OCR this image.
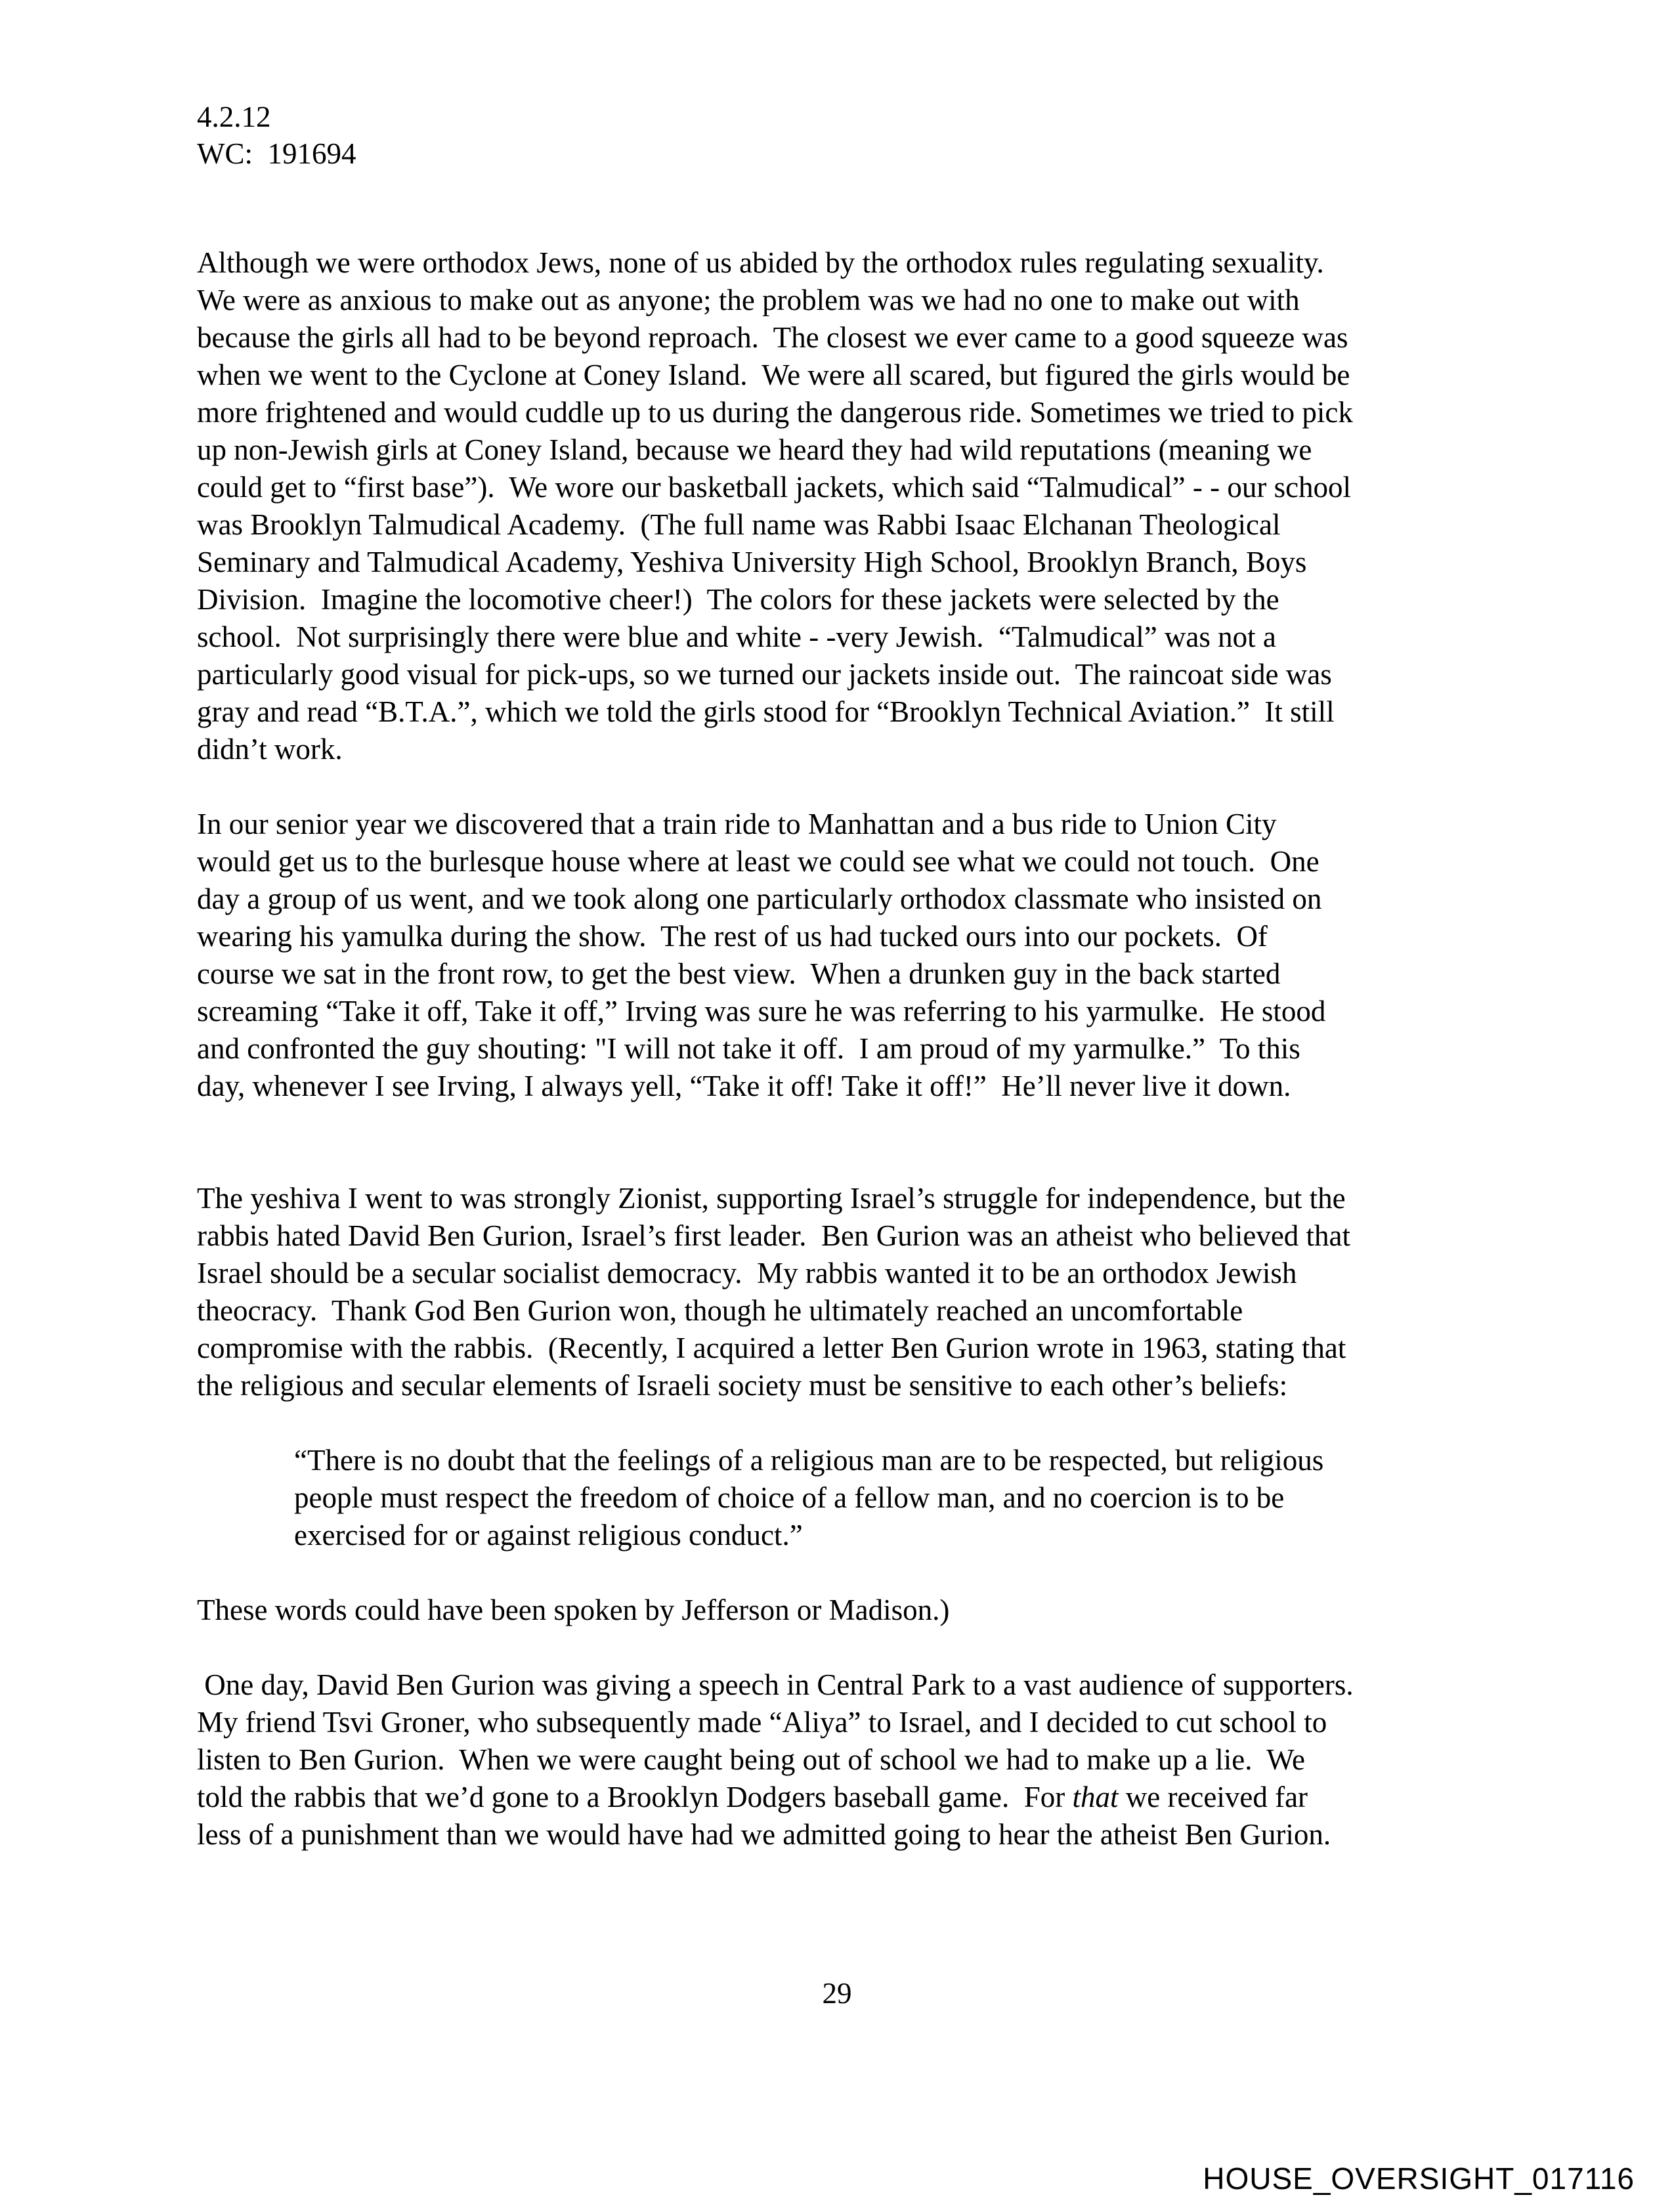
4.2.12
WC: 191694

Although we were orthodox Jews, none of us abided by the orthodox rules regulating sexuality.
We were as anxious to make out as anyone; the problem was we had no one to make out with
because the girls all had to be beyond reproach.  The closest we ever came to a good squeeze was
when we went to the Cyclone at Coney Island.  We were all scared, but figured the girls would be
more frightened and would cuddle up to us during the dangerous ride. Sometimes we tried to pick
up non-Jewish girls at Coney Island, because we heard they had wild reputations (meaning we
could get to “first base”).  We wore our basketball jackets, which said “Talmudical” - - our school
was Brooklyn Talmudical Academy.  (The full name was Rabbi Isaac Elchanan Theological
Seminary and Talmudical Academy, Yeshiva University High School, Brooklyn Branch, Boys
Division.  Imagine the locomotive cheer!)  The colors for these jackets were selected by the
school.  Not surprisingly there were blue and white - -very Jewish.  “Talmudical” was not a
particularly good visual for pick-ups, so we turned our jackets inside out.  The raincoat side was
gray and read “B.T.A.”, which we told the girls stood for “Brooklyn Technical Aviation.”  It still
didn’t work.

In our senior year we discovered that a train ride to Manhattan and a bus ride to Union City
would get us to the burlesque house where at least we could see what we could not touch.  One
day a group of us went, and we took along one particularly orthodox classmate who insisted on
wearing his yamulka during the show.  The rest of us had tucked ours into our pockets.  Of
course we sat in the front row, to get the best view.  When a drunken guy in the back started
screaming “Take it off, Take it off,” Irving was sure he was referring to his yarmulke.  He stood
and confronted the guy shouting: "I will not take it off.  I am proud of my yarmulke.”  To this
day, whenever I see Irving, I always yell, “Take it off! Take it off!”  He’ll never live it down.

The yeshiva I went to was strongly Zionist, supporting Israel’s struggle for independence, but the
rabbis hated David Ben Gurion, Israel’s first leader.  Ben Gurion was an atheist who believed that
Israel should be a secular socialist democracy.  My rabbis wanted it to be an orthodox Jewish
theocracy.  Thank God Ben Gurion won, though he ultimately reached an uncomfortable
compromise with the rabbis.  (Recently, I acquired a letter Ben Gurion wrote in 1963, stating that
the religious and secular elements of Israeli society must be sensitive to each other’s beliefs:

“There is no doubt that the feelings of a religious man are to be respected, but religious
people must respect the freedom of choice of a fellow man, and no coercion is to be
exercised for or against religious conduct.”

These words could have been spoken by Jefferson or Madison.)

One day, David Ben Gurion was giving a speech in Central Park to a vast audience of supporters.
My friend Tsvi Groner, who subsequently made “Aliya” to Israel, and I decided to cut school to
listen to Ben Gurion.  When we were caught being out of school we had to make up a lie.  We
told the rabbis that we’d gone to a Brooklyn Dodgers baseball game.  For that we received far
less of a punishment than we would have had we admitted going to hear the atheist Ben Gurion.

29
HOUSE_OVERSIGHT_017116
